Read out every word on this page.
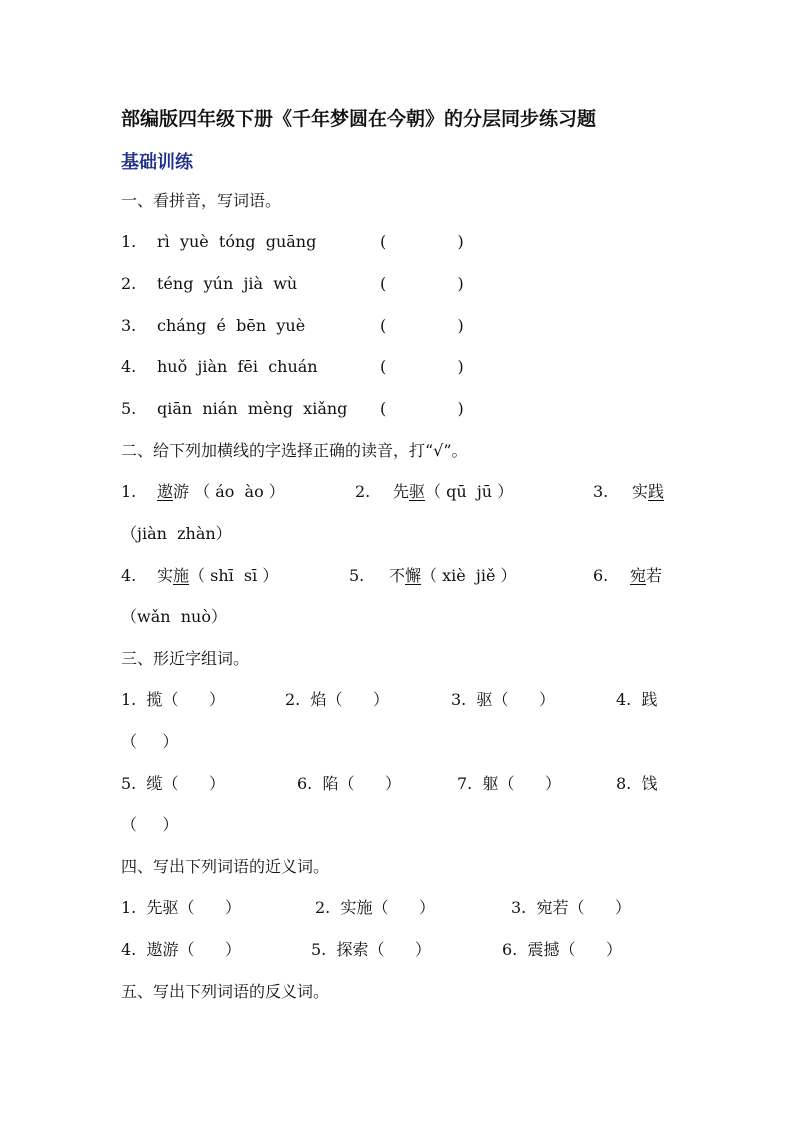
部编版四年级下册《千年梦圆在今朝》的分层同步练习题
基础训练
一、看拼音，写词语。
1. rì  yuè  tóng  guāng	(              )
2. téng  yún  jià  wù	(              )
3. cháng  é  bēn  yuè	(              )
4. huǒ  jiàn  fēi  chuán	(              )
5. qiān  nián  mèng  xiǎng (              )
二、给下列加横线的字选择正确的读音，打“√”。
1. 遨游 （ áo  ào ）	2. 先驱（ qū  jū ）	3. 实践
（jiàn  zhàn）
4. 实施（ shī  sī ）	5. 不懈（ xiè  jiě ）	6. 宛若
（wǎn  nuò）
三、形近字组词。
1.  揽（      ）	2.  焰（      ）	3.  驱（      ）	4.  践
（     ）
5.  缆（      ）	6.  陷（      ）	7.  躯（      ）	8.  饯
（     ）
四、写出下列词语的近义词。
1.  先驱（      ）	2.  实施（      ）	3.  宛若（      ）
4.  遨游（      ）	5.  探索（      ）	6.  震撼（      ）
五、写出下列词语的反义词。
